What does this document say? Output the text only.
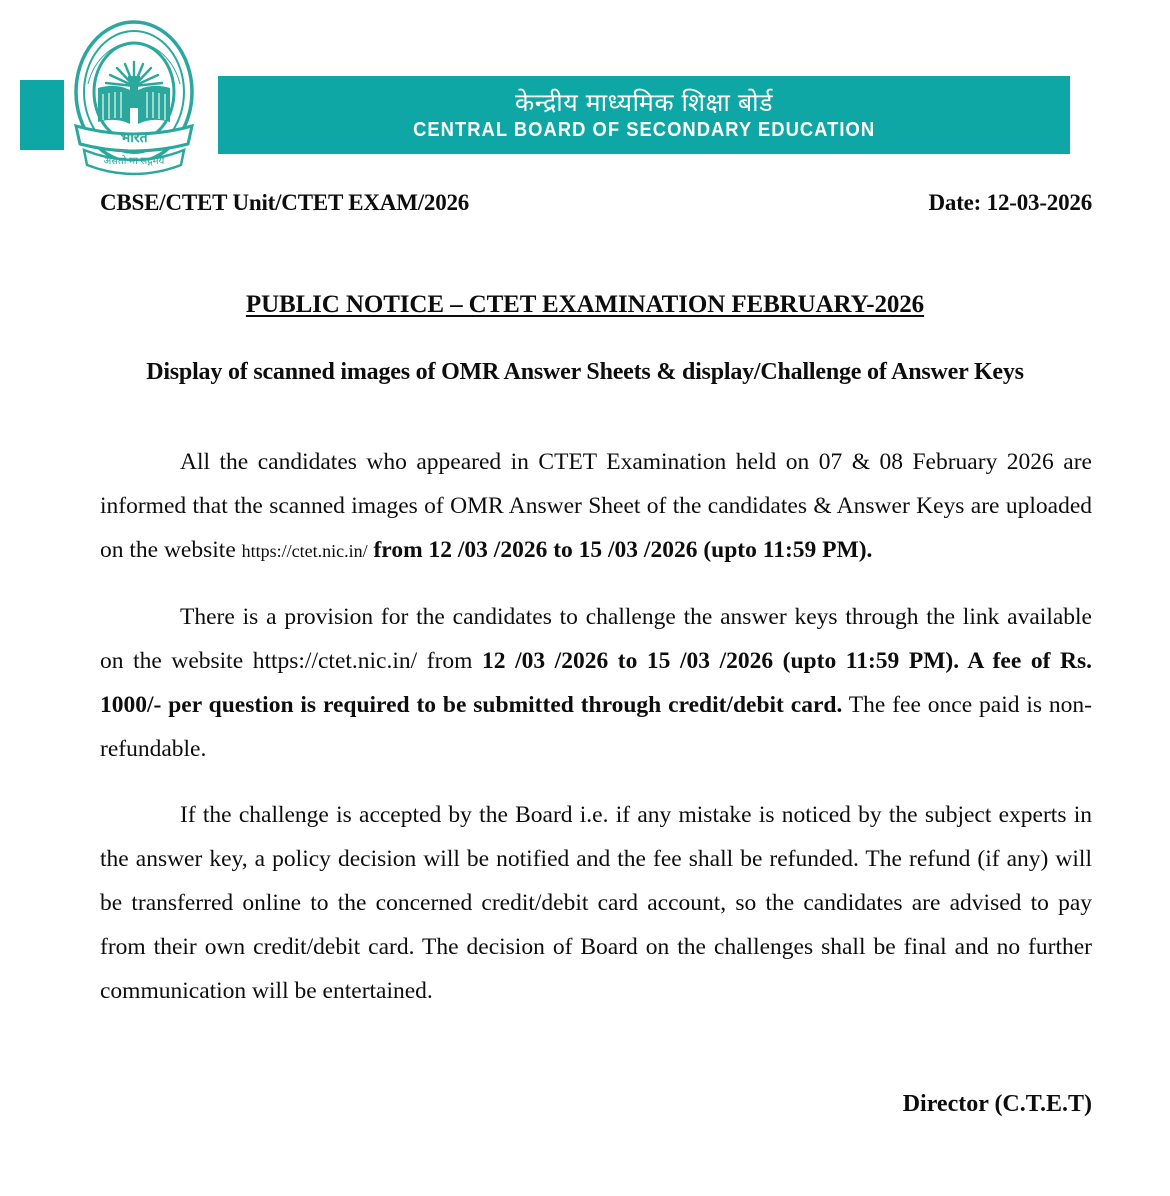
केन्द्रीय माध्यमिक शिक्षा बोर्ड
CENTRAL BOARD OF SECONDARY EDUCATION
भारत
असतो मा सद्गमय
CBSE/CTET Unit/CTET EXAM/2026	Date: 12-03-2026
PUBLIC NOTICE – CTET EXAMINATION FEBRUARY-2026
Display of scanned images of OMR Answer Sheets & display/Challenge of Answer Keys

All the candidates who appeared in CTET Examination held on 07 & 08 February 2026 are informed that the scanned images of OMR Answer Sheet of the candidates & Answer Keys are uploaded on the website https://ctet.nic.in/ from 12 /03 /2026 to 15 /03 /2026 (upto 11:59 PM).

There is a provision for the candidates to challenge the answer keys through the link available on the website https://ctet.nic.in/ from 12 /03 /2026 to 15 /03 /2026 (upto 11:59 PM). A fee of Rs. 1000/- per question is required to be submitted through credit/debit card. The fee once paid is non-refundable.

If the challenge is accepted by the Board i.e. if any mistake is noticed by the subject experts in the answer key, a policy decision will be notified and the fee shall be refunded. The refund (if any) will be transferred online to the concerned credit/debit card account, so the candidates are advised to pay from their own credit/debit card. The decision of Board on the challenges shall be final and no further communication will be entertained.

Director (C.T.E.T)
